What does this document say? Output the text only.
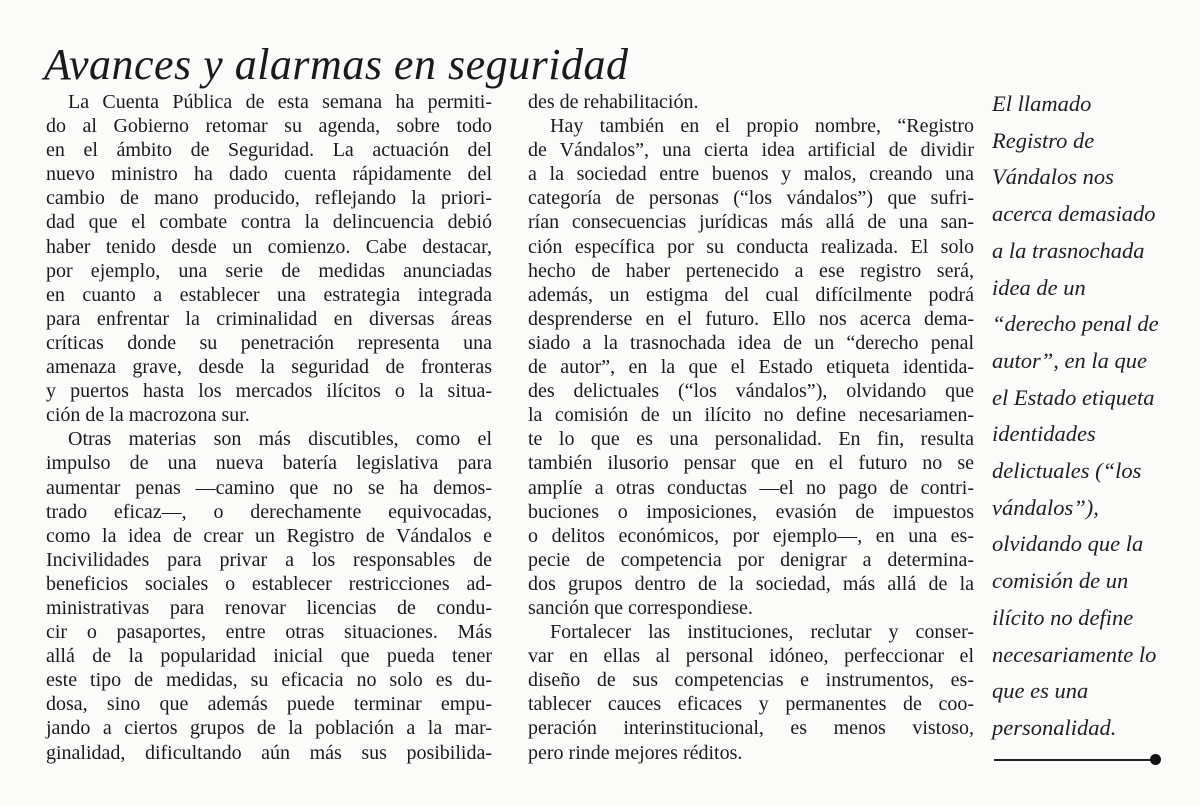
Avances y alarmas en seguridad
La Cuenta Pública de esta semana ha permiti-
do al Gobierno retomar su agenda, sobre todo
en el ámbito de Seguridad. La actuación del
nuevo ministro ha dado cuenta rápidamente del
cambio de mano producido, reflejando la priori-
dad que el combate contra la delincuencia debió
haber tenido desde un comienzo. Cabe destacar,
por ejemplo, una serie de medidas anunciadas
en cuanto a establecer una estrategia integrada
para enfrentar la criminalidad en diversas áreas
críticas donde su penetración representa una
amenaza grave, desde la seguridad de fronteras
y puertos hasta los mercados ilícitos o la situa-
ción de la macrozona sur.
Otras materias son más discutibles, como el
impulso de una nueva batería legislativa para
aumentar penas —camino que no se ha demos-
trado eficaz—, o derechamente equivocadas,
como la idea de crear un Registro de Vándalos e
Incivilidades para privar a los responsables de
beneficios sociales o establecer restricciones ad-
ministrativas para renovar licencias de condu-
cir o pasaportes, entre otras situaciones. Más
allá de la popularidad inicial que pueda tener
este tipo de medidas, su eficacia no solo es du-
dosa, sino que además puede terminar empu-
jando a ciertos grupos de la población a la mar-
ginalidad, dificultando aún más sus posibilida-
des de rehabilitación.
Hay también en el propio nombre, “Registro
de Vándalos”, una cierta idea artificial de dividir
a la sociedad entre buenos y malos, creando una
categoría de personas (“los vándalos”) que sufri-
rían consecuencias jurídicas más allá de una san-
ción específica por su conducta realizada. El solo
hecho de haber pertenecido a ese registro será,
además, un estigma del cual difícilmente podrá
desprenderse en el futuro. Ello nos acerca dema-
siado a la trasnochada idea de un “derecho penal
de autor”, en la que el Estado etiqueta identida-
des delictuales (“los vándalos”), olvidando que
la comisión de un ilícito no define necesariamen-
te lo que es una personalidad. En fin, resulta
también ilusorio pensar que en el futuro no se
amplíe a otras conductas —el no pago de contri-
buciones o imposiciones, evasión de impuestos
o delitos económicos, por ejemplo—, en una es-
pecie de competencia por denigrar a determina-
dos grupos dentro de la sociedad, más allá de la
sanción que correspondiese.
Fortalecer las instituciones, reclutar y conser-
var en ellas al personal idóneo, perfeccionar el
diseño de sus competencias e instrumentos, es-
tablecer cauces eficaces y permanentes de coo-
peración interinstitucional, es menos vistoso,
pero rinde mejores réditos.
El llamado
Registro de
Vándalos nos
acerca demasiado
a la trasnochada
idea de un
“derecho penal de
autor”, en la que
el Estado etiqueta
identidades
delictuales (“los
vándalos”),
olvidando que la
comisión de un
ilícito no define
necesariamente lo
que es una
personalidad.
